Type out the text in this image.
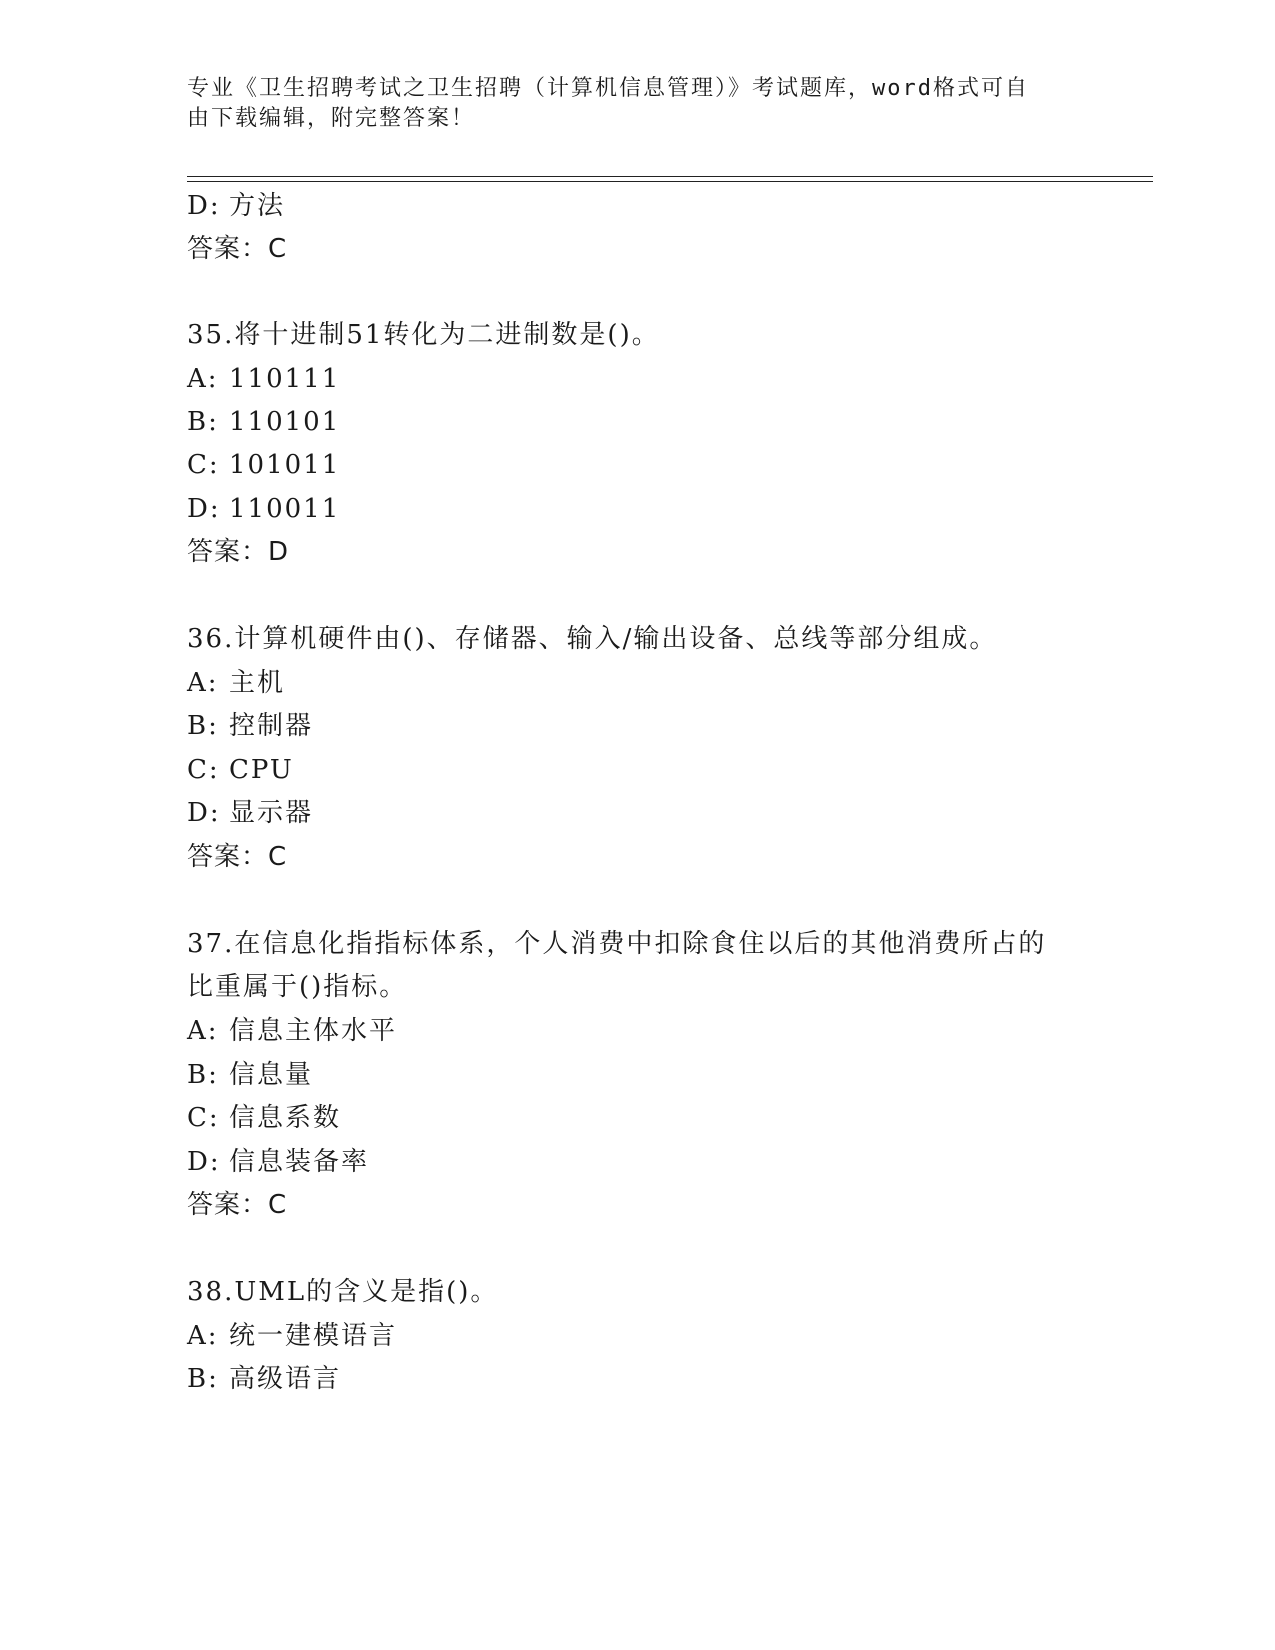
专业《卫生招聘考试之卫生招聘（计算机信息管理）》考试题库，word格式可自
由下载编辑，附完整答案！
D: 方法
答案：C
35.将十进制51转化为二进制数是()。
A: 110111
B: 110101
C: 101011
D: 110011
答案：D
36.计算机硬件由()、存储器、输入/输出设备、总线等部分组成。
A: 主机
B: 控制器
C: CPU
D: 显示器
答案：C
37.在信息化指指标体系，个人消费中扣除食住以后的其他消费所占的
比重属于()指标。
A: 信息主体水平
B: 信息量
C: 信息系数
D: 信息装备率
答案：C
38.UML的含义是指()。
A: 统一建模语言
B: 高级语言
